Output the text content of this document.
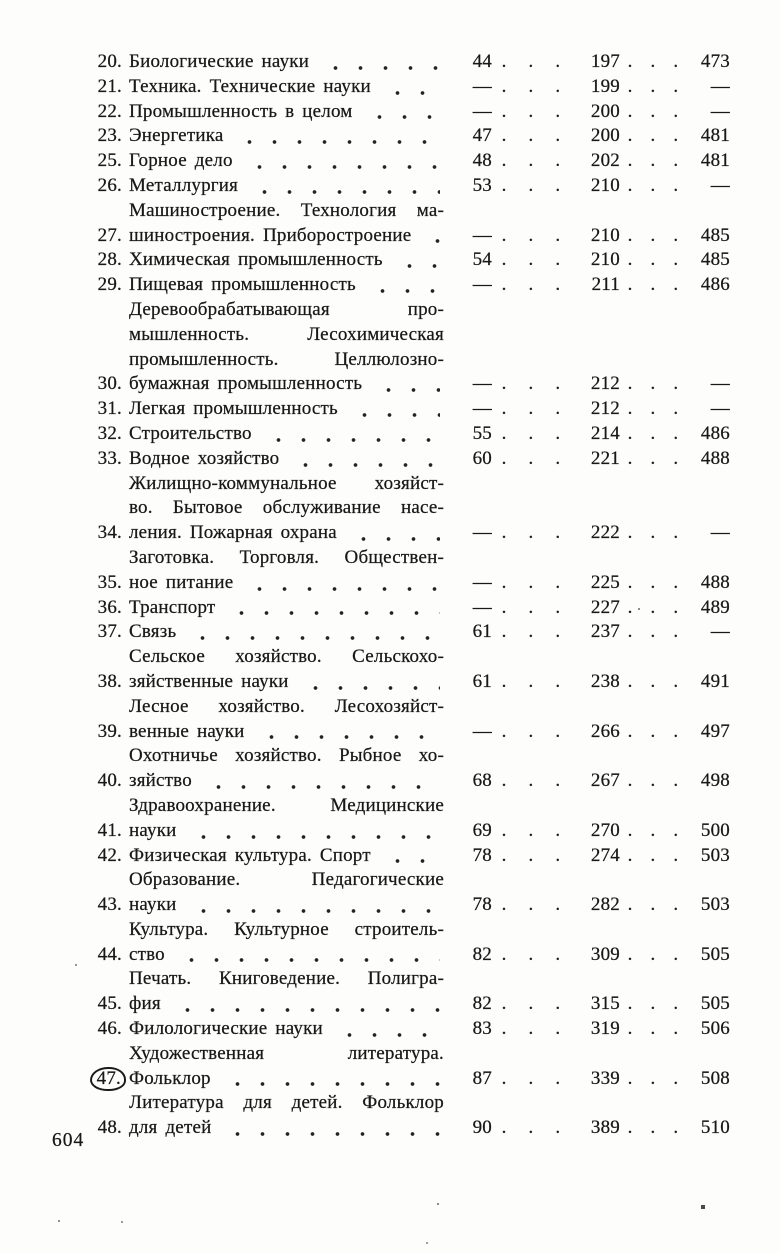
20. Биологические науки	44 . . .	197 . . .	473
21. Техника. Технические науки	— . . .	199 . . .	—
22. Промышленность в целом	— . . .	200 . . .	—
23. Энергетика	47 . . .	200 . . .	481
25. Горное дело	48 . . .	202 . . .	481
26. Металлургия	53 . . .	210 . . .	—
27.
Машиностроение. Технология ма-
шиностроения. Приборостроение	— . . .	210 . . .	485
28. Химическая промышленность	54 . . .	210 . . .	485
29. Пищевая промышленность	— . . .	211 . . .	486
30.
Деревообрабатывающая про-
мышленность. Лесохимическая
промышленность. Целлюлозно-
бумажная промышленность	— . . .	212 . . .	—
31. Легкая промышленность	— . . .	212 . . .	—
32. Строительство	55 . . .	214 . . .	486
33. Водное хозяйство	60 . . .	221 . . .	488
34.
Жилищно-коммунальное хозяйст-
во. Бытовое обслуживание насе-
ления. Пожарная охрана	— . . .	222 . . .	—
35.
Заготовка. Торговля. Обществен-
ное питание	— . . .	225 . . .	488
36. Транспорт	— . . .	227 . . .	489
37. Связь	61 . . .	237 . . .	—
38.
Сельское хозяйство. Сельскохо-
зяйственные науки	61 . . .	238 . . .	491
39.
Лесное хозяйство. Лесохозяйст-
венные науки	— . . .	266 . . .	497
40.
Охотничье хозяйство. Рыбное хо-
зяйство	68 . . .	267 . . .	498
41.
Здравоохранение. Медицинские
науки	69 . . .	270 . . .	500
42. Физическая культура. Спорт	78 . . .	274 . . .	503
43.
Образование. Педагогические
науки	78 . . .	282 . . .	503
44.
Культура. Культурное строитель-
ство	82 . . .	309 . . .	505
45.
Печать. Книговедение. Полигра-
фия	82 . . .	315 . . .	505
46. Филологические науки	83 . . .	319 . . .	506
47.
Художественная литература.
Фольклор	87 . . .	339 . . .	508
48.
Литература для детей. Фольклор
для детей	90 . . .	389 . . .	510
604
